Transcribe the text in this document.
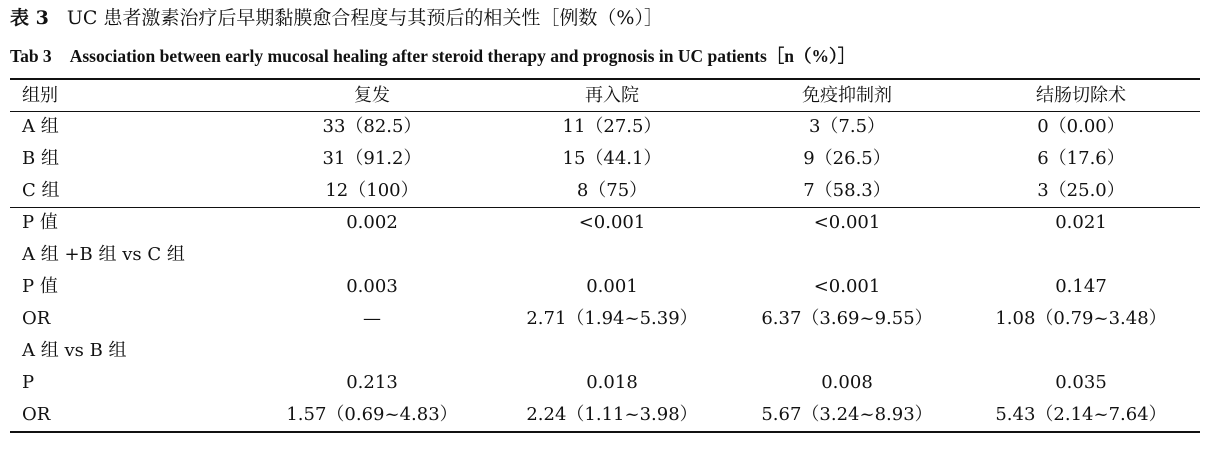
表 3 UC 患者激素治疗后早期黏膜愈合程度与其预后的相关性［例数（%）］
Tab 3 Association between early mucosal healing after steroid therapy and prognosis in UC patients［n（%）］
组别	复发	再入院	免疫抑制剂	结肠切除术
A 组	33（82.5）	11（27.5）	3（7.5）	0（0.00）
B 组	31（91.2）	15（44.1）	9（26.5）	6（17.6）
C 组	12（100）	8（75）	7（58.3）	3（25.0）
P 值	0.002	<0.001	<0.001	0.021
A 组 +B 组 vs C 组				
P 值	0.003	0.001	<0.001	0.147
OR	—	2.71（1.94~5.39）	6.37（3.69~9.55）	1.08（0.79~3.48）
A 组 vs B 组				
P	0.213	0.018	0.008	0.035
OR	1.57（0.69~4.83）	2.24（1.11~3.98）	5.67（3.24~8.93）	5.43（2.14~7.64）
